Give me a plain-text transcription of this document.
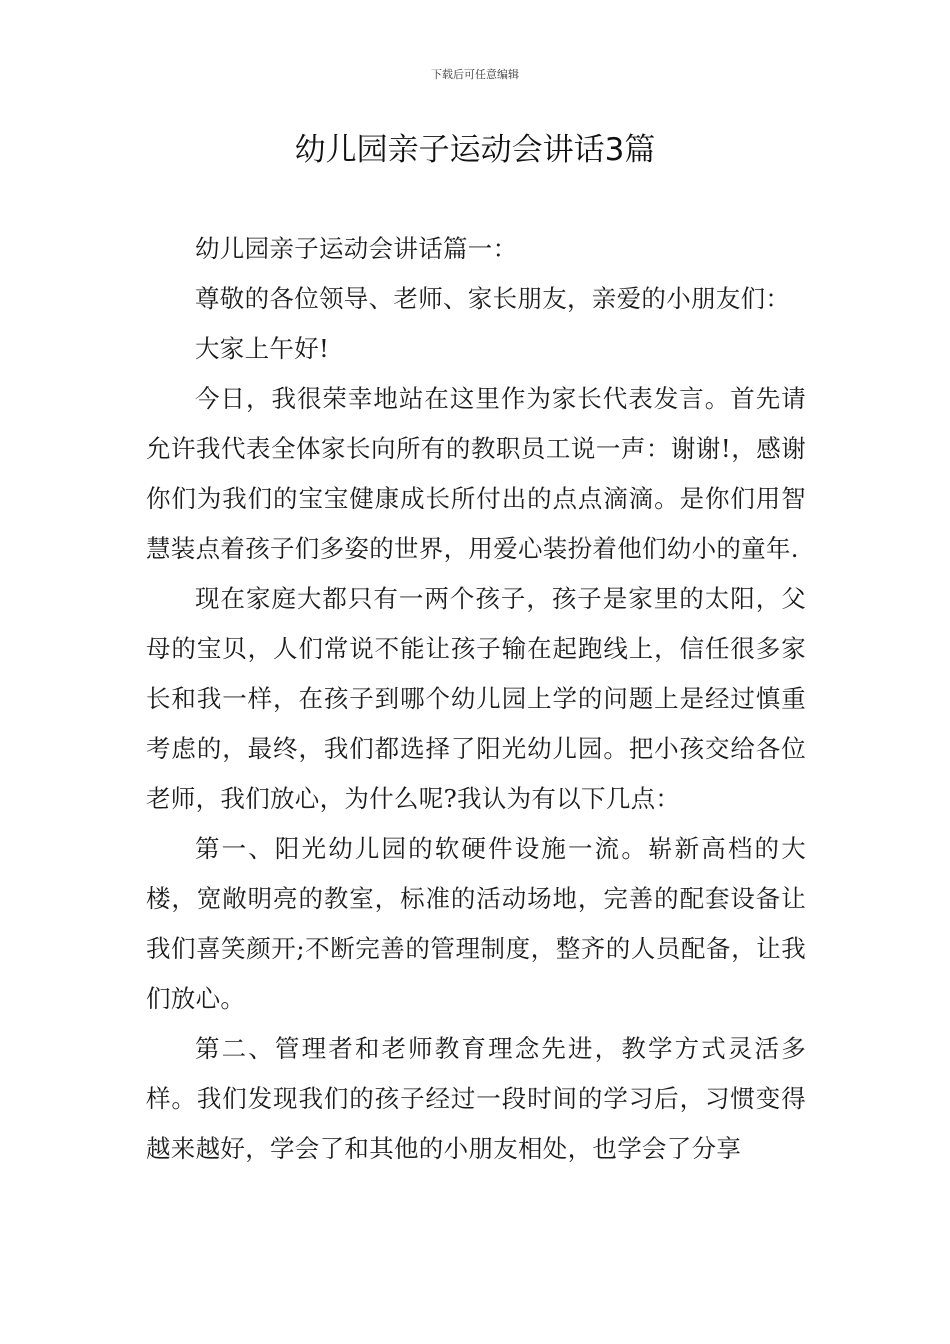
下载后可任意编辑
幼儿园亲子运动会讲话3篇

幼儿园亲子运动会讲话篇一：

尊敬的各位领导、老师、家长朋友，亲爱的小朋友们：

大家上午好!

今日，我很荣幸地站在这里作为家长代表发言。首先请允许我代表全体家长向所有的教职员工说一声：谢谢!，感谢你们为我们的宝宝健康成长所付出的点点滴滴。是你们用智慧装点着孩子们多姿的世界，用爱心装扮着他们幼小的童年.

现在家庭大都只有一两个孩子，孩子是家里的太阳，父母的宝贝，人们常说不能让孩子输在起跑线上，信任很多家长和我一样，在孩子到哪个幼儿园上学的问题上是经过慎重考虑的，最终，我们都选择了阳光幼儿园。把小孩交给各位老师，我们放心，为什么呢?我认为有以下几点：

第一、阳光幼儿园的软硬件设施一流。崭新高档的大楼，宽敞明亮的教室，标准的活动场地，完善的配套设备让我们喜笑颜开;不断完善的管理制度，整齐的人员配备，让我们放心。

第二、管理者和老师教育理念先进，教学方式灵活多样。我们发现我们的孩子经过一段时间的学习后，习惯变得越来越好，学会了和其他的小朋友相处，也学会了分享
